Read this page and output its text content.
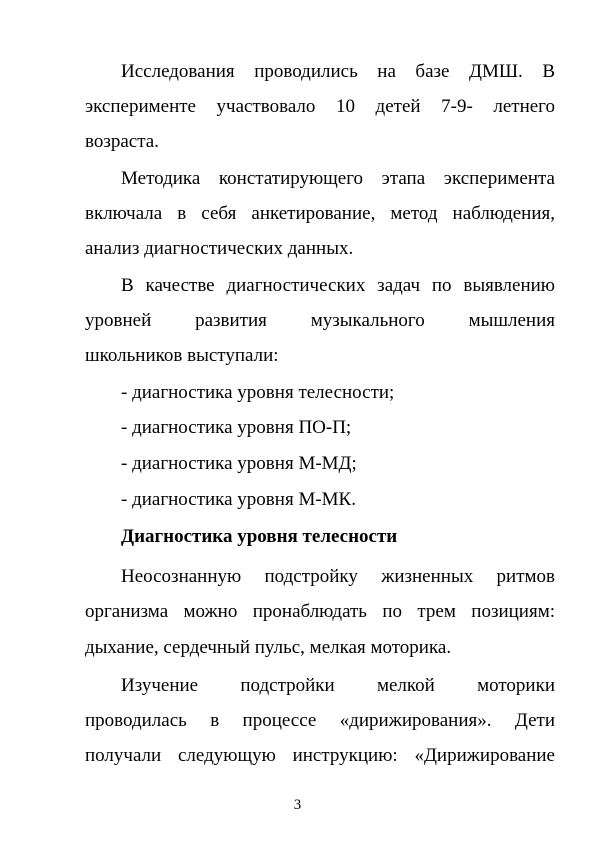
Исследования проводились на базе ДМШ. В
эксперименте участвовало 10 детей 7-9- летнего
возраста.
Методика констатирующего этапа эксперимента
включала в себя анкетирование, метод наблюдения,
анализ диагностических данных.
В качестве диагностических задач по выявлению
уровней развития музыкального мышления
школьников выступали:
- диагностика уровня телесности;
- диагностика уровня ПО-П;
- диагностика уровня М-МД;
- диагностика уровня М-МК.
Диагностика уровня телесности
Неосознанную подстройку жизненных ритмов
организма можно пронаблюдать по трем позициям:
дыхание, сердечный пульс, мелкая моторика.
Изучение подстройки мелкой моторики
проводилась в процессе «дирижирования». Дети
получали следующую инструкцию: «Дирижирование
3
